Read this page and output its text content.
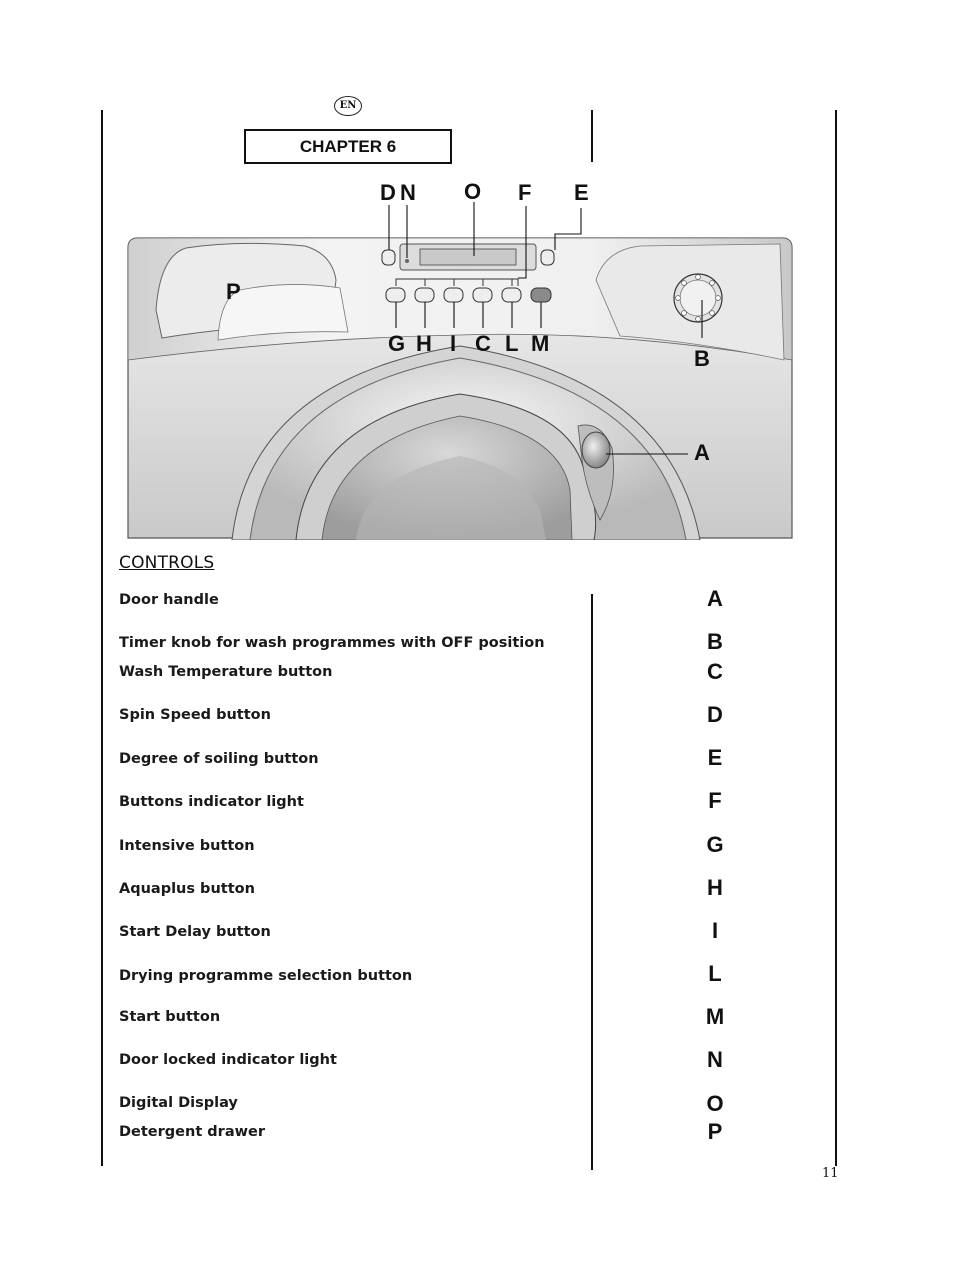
EN
CHAPTER 6
D N O F E
P
G H I C L M
B
A
CONTROLS
Door handle	A
Timer knob for wash programmes with OFF position	B
Wash Temperature button	C
Spin Speed button	D
Degree of soiling button	E
Buttons indicator light	F
Intensive button	G
Aquaplus button	H
Start Delay button	I
Drying programme selection button	L
Start button	M
Door locked indicator light	N
Digital Display	O
Detergent drawer	P
11
